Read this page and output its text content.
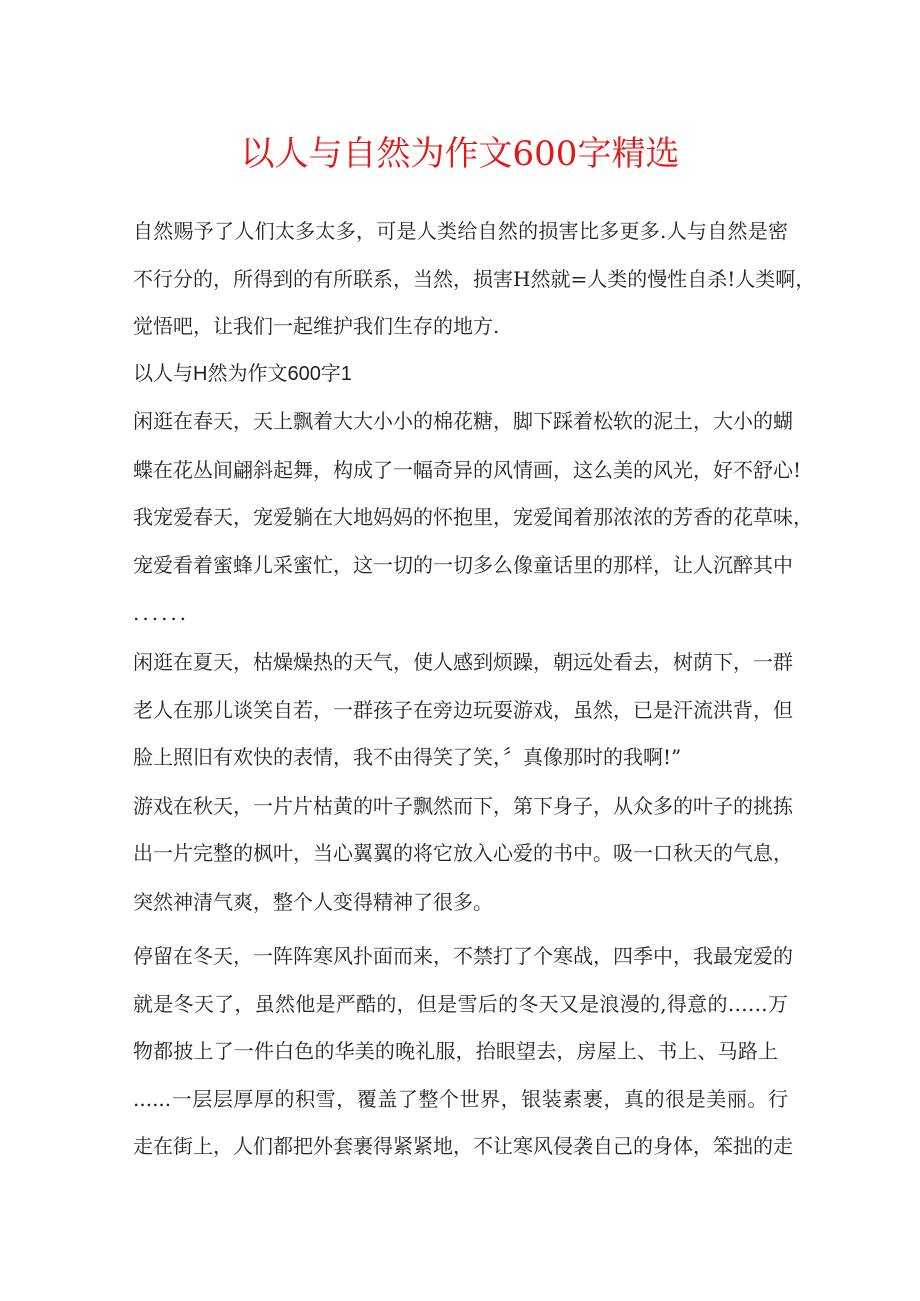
以人与自然为作文600字精选
自然赐予了人们太多太多，可是人类给自然的损害比多更多.人与自然是密
不行分的，所得到的有所联系，当然，损害H然就=人类的慢性自杀!人类啊，
觉悟吧，让我们一起维护我们生存的地方.
以人与H然为作文600字1
闲逛在春天，天上飘着大大小小的棉花糖，脚下踩着松软的泥土，大小的蝴
蝶在花丛间翩斜起舞，构成了一幅奇异的风情画，这么美的风光，好不舒心!
我宠爱春天，宠爱躺在大地妈妈的怀抱里，宠爱闻着那浓浓的芳香的花草味，
宠爱看着蜜蜂儿采蜜忙，这一切的一切多么像童话里的那样，让人沉醉其中
......
闲逛在夏天，枯燥燥热的天气，使人感到烦躁，朝远处看去，树荫下，一群
老人在那儿谈笑自若，一群孩子在旁边玩耍游戏，虽然，已是汗流洪背，但
脸上照旧有欢快的表情，我不由得笑了笑，〞真像那时的我啊!”
游戏在秋天，一片片枯黄的叶子飘然而下，第下身子，从众多的叶子的挑拣
出一片完整的枫叶，当心翼翼的将它放入心爱的书中。吸一口秋天的气息，
突然神清气爽，整个人变得精神了很多。
停留在冬天，一阵阵寒风扑面而来，不禁打了个寒战，四季中，我最宠爱的
就是冬天了，虽然他是严酷的，但是雪后的冬天又是浪漫的,得意的……万
物都披上了一件白色的华美的晚礼服，抬眼望去，房屋上、书上、马路上
......一层层厚厚的积雪，覆盖了整个世界，银装素裹，真的很是美丽。行
走在街上，人们都把外套裹得紧紧地，不让寒风侵袭自己的身体，笨拙的走
